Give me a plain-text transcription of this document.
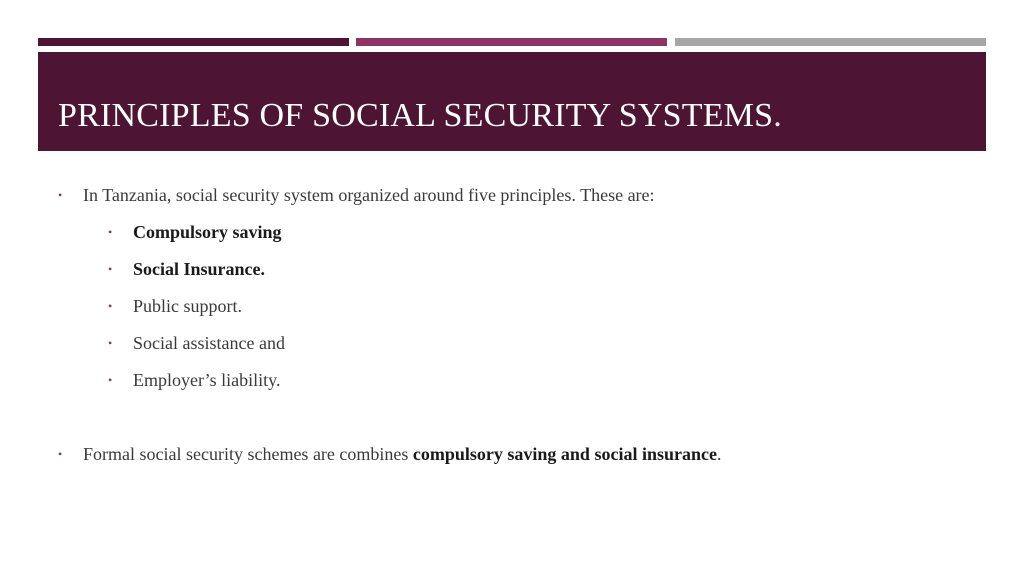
PRINCIPLES OF SOCIAL SECURITY SYSTEMS.
• In Tanzania, social security system organized around five principles. These are:
• Compulsory saving
• Social Insurance.
• Public support.
• Social assistance and
• Employer’s liability.
• Formal social security schemes are combines compulsory saving and social insurance.
